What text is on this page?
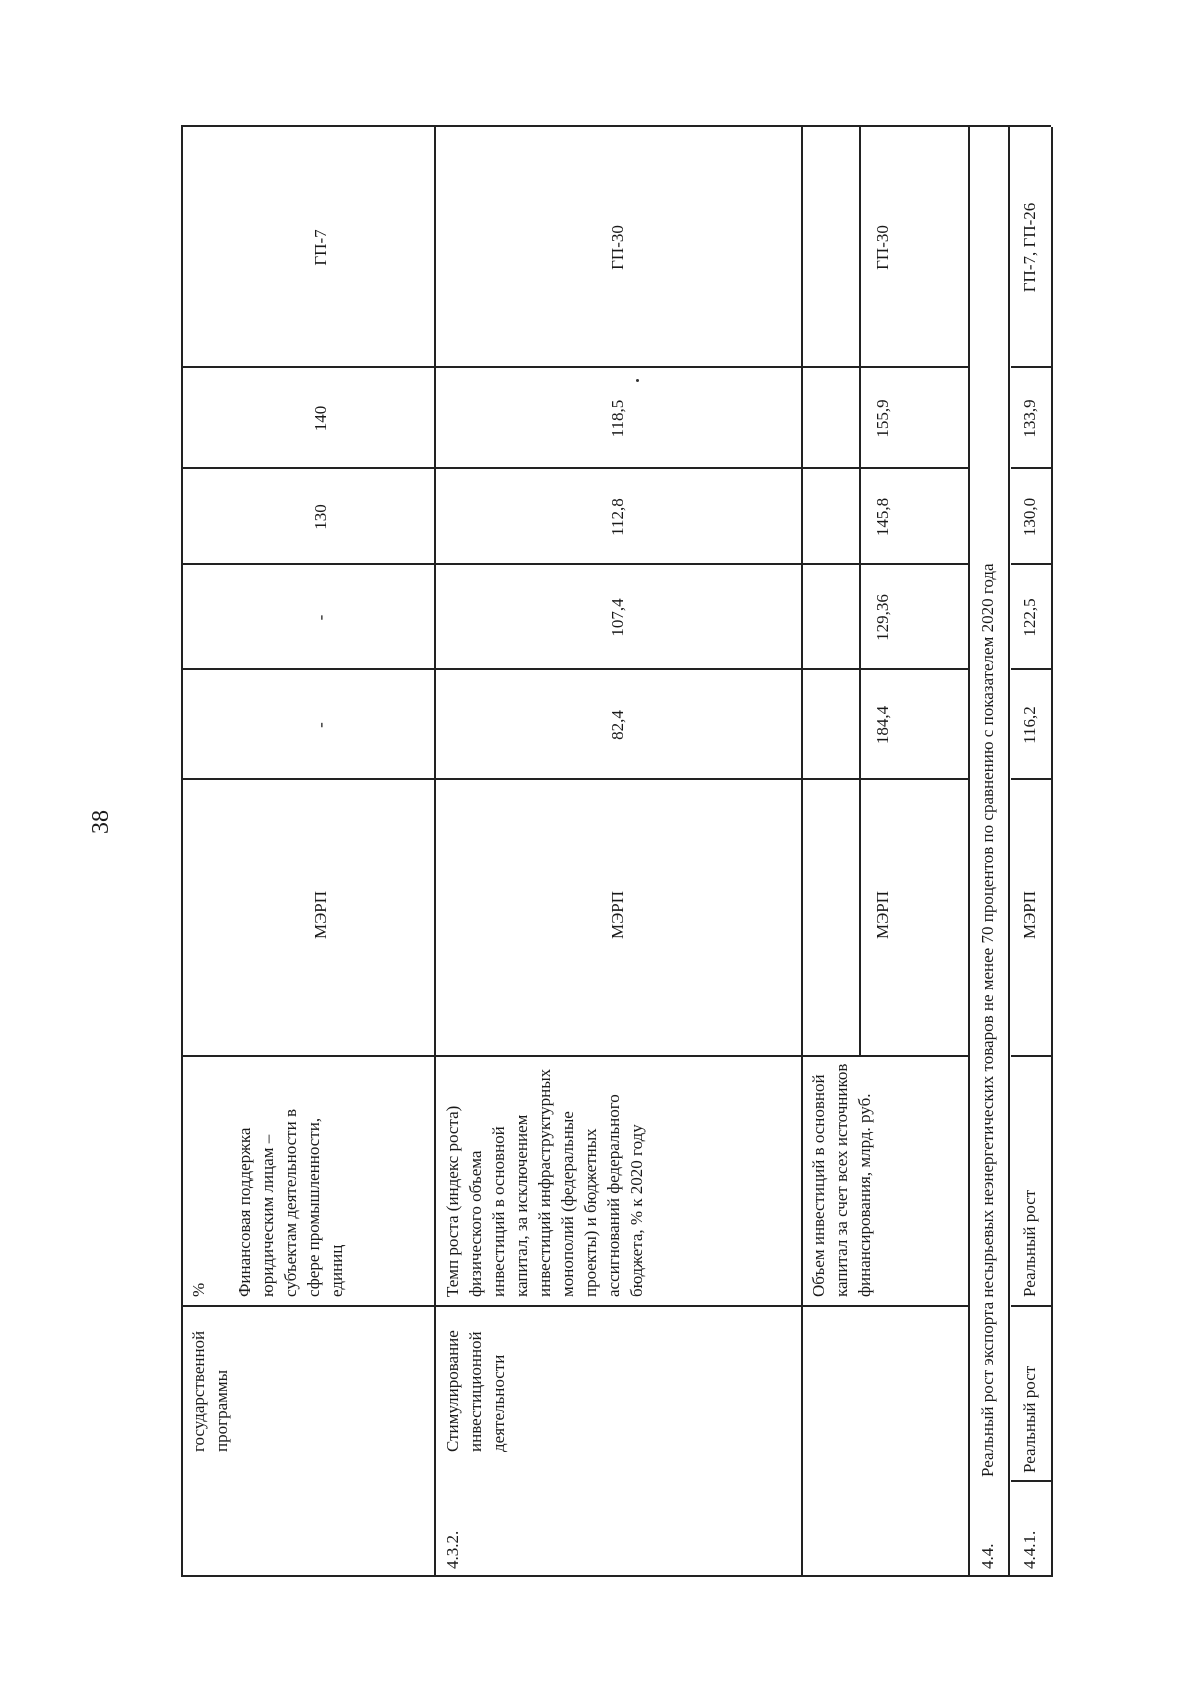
38
государственной программы
% Финансовая поддержка юридическим лицам – субъектам деятельности в сфере промышленности, единиц
МЭРП
-
-
130
140
ГП-7
4.3.2.
Стимулирование инвестиционной деятельности
Темп роста (индекс роста) физического объема инвестиций в основной капитал, за исключением инвестиций инфраструктурных монополий (федеральные проекты) и бюджетных ассигнований федерального бюджета, % к 2020 году
МЭРП
82,4
107,4
112,8
118,5
ГП-30
Объем инвестиций в основной капитал за счет всех источников финансирования, млрд. руб.
МЭРП
184,4
129,36
145,8
155,9
ГП-30
4.4.
Реальный рост экспорта несырьевых неэнергетических товаров не менее 70 процентов по сравнению с показателем 2020 года
4.4.1.
Реальный рост
Реальный рост
МЭРП
116,2
122,5
130,0
133,9
ГП-7, ГП-26
